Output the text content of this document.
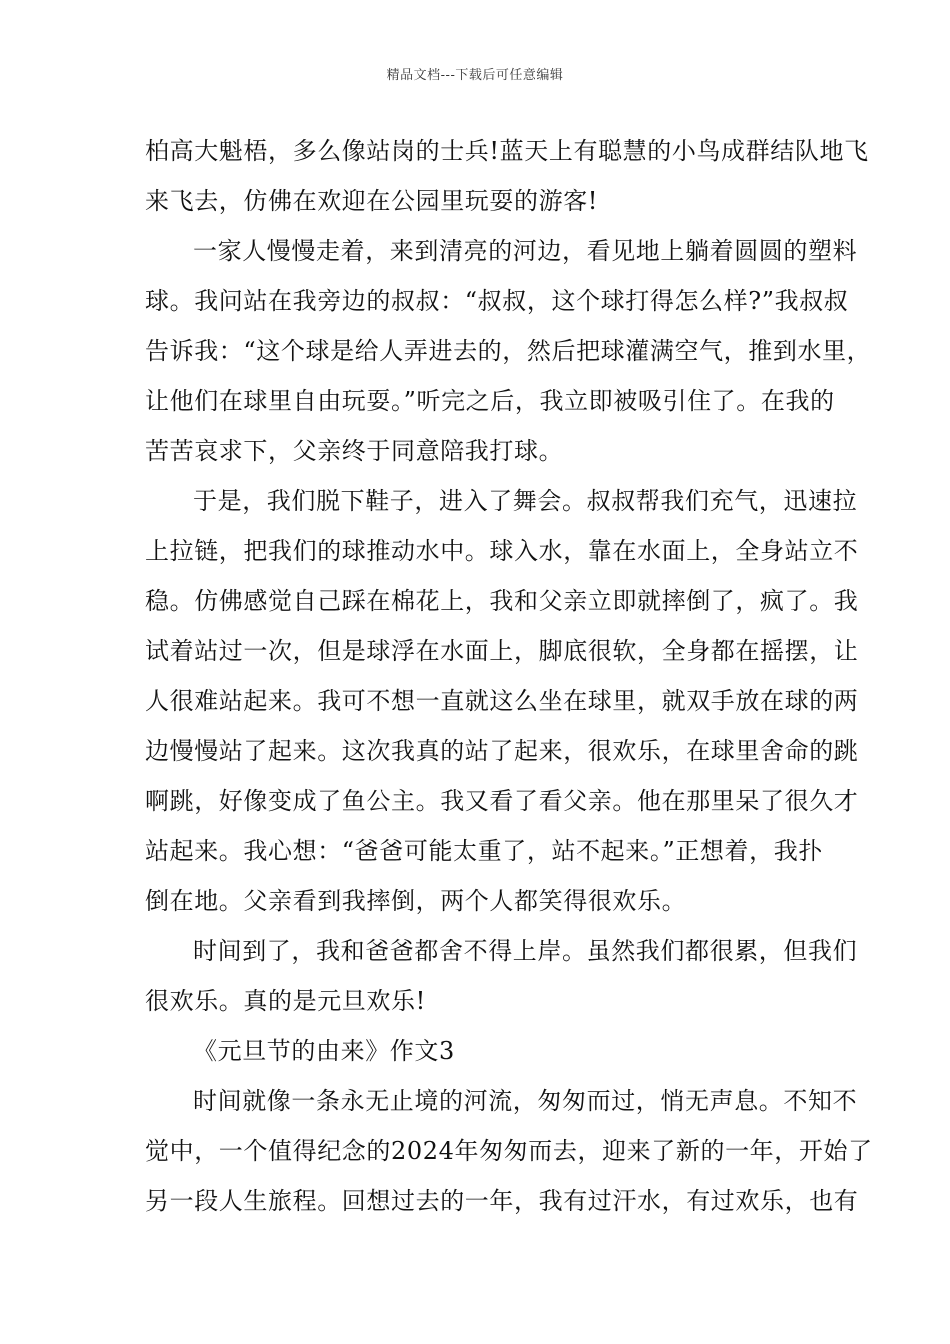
精品文档---下载后可任意编辑
柏高大魁梧，多么像站岗的士兵!蓝天上有聪慧的小鸟成群结队地飞
来飞去，仿佛在欢迎在公园里玩耍的游客!
一家人慢慢走着，来到清亮的河边，看见地上躺着圆圆的塑料
球。我问站在我旁边的叔叔：“叔叔，这个球打得怎么样?”我叔叔
告诉我：“这个球是给人弄进去的，然后把球灌满空气，推到水里，
让他们在球里自由玩耍。”听完之后，我立即被吸引住了。在我的
苦苦哀求下，父亲终于同意陪我打球。
于是，我们脱下鞋子，进入了舞会。叔叔帮我们充气，迅速拉
上拉链，把我们的球推动水中。球入水，靠在水面上，全身站立不
稳。仿佛感觉自己踩在棉花上，我和父亲立即就摔倒了，疯了。我
试着站过一次，但是球浮在水面上，脚底很软，全身都在摇摆，让
人很难站起来。我可不想一直就这么坐在球里，就双手放在球的两
边慢慢站了起来。这次我真的站了起来，很欢乐，在球里舍命的跳
啊跳，好像变成了鱼公主。我又看了看父亲。他在那里呆了很久才
站起来。我心想：“爸爸可能太重了，站不起来。”正想着，我扑
倒在地。父亲看到我摔倒，两个人都笑得很欢乐。
时间到了，我和爸爸都舍不得上岸。虽然我们都很累，但我们
很欢乐。真的是元旦欢乐!
《元旦节的由来》作文3
时间就像一条永无止境的河流，匆匆而过，悄无声息。不知不
觉中，一个值得纪念的2024年匆匆而去，迎来了新的一年，开始了
另一段人生旅程。回想过去的一年，我有过汗水，有过欢乐，也有
